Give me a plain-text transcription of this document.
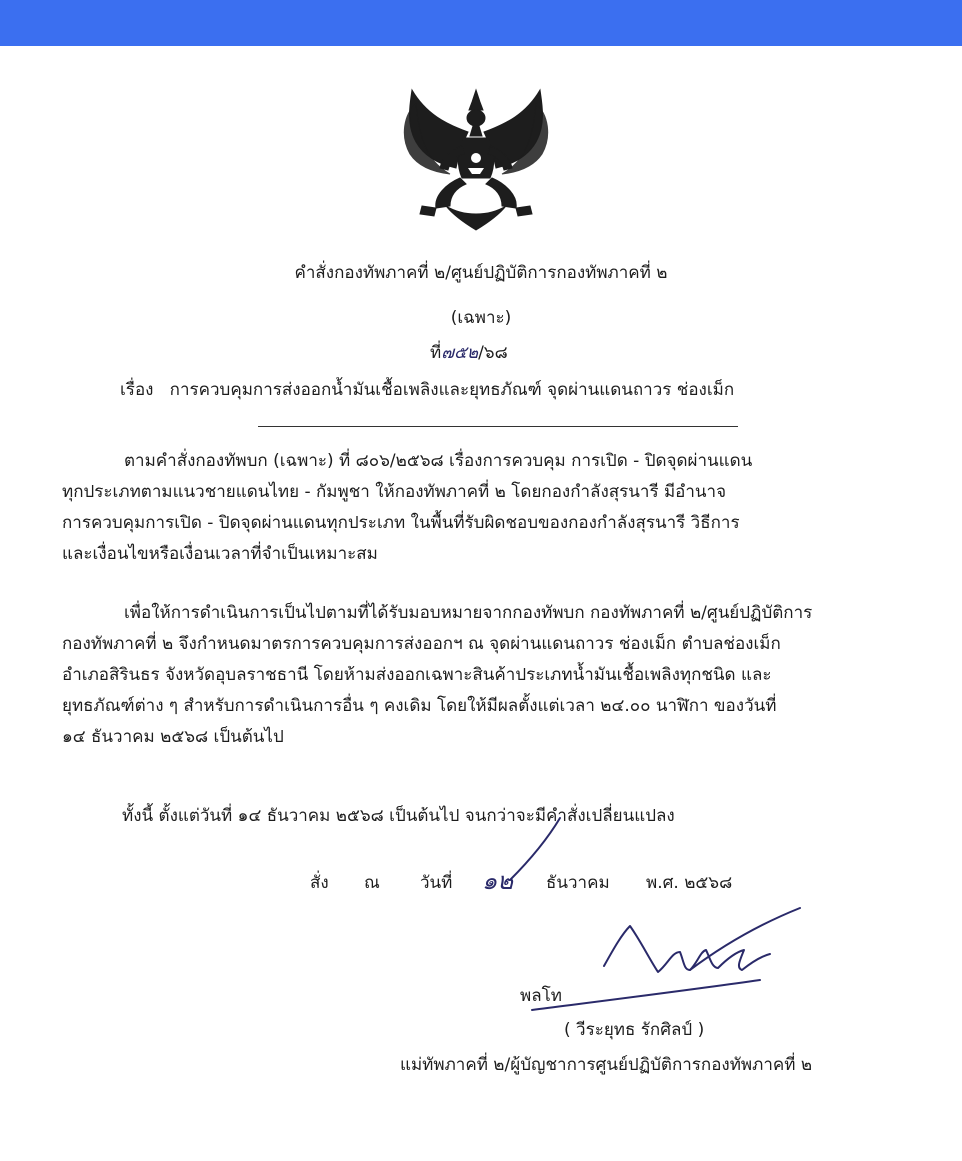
คำสั่งกองทัพภาคที่ ๒/ศูนย์ปฏิบัติการกองทัพภาคที่ ๒
(เฉพาะ)
ที่๗๕๒/๖๘
เรื่อง การควบคุมการส่งออกน้ำมันเชื้อเพลิงและยุทธภัณฑ์ จุดผ่านแดนถาวร ช่องเม็ก
ตามคำสั่งกองทัพบก (เฉพาะ) ที่ ๘๐๖/๒๕๖๘ เรื่องการควบคุม การเปิด - ปิดจุดผ่านแดน
ทุกประเภทตามแนวชายแดนไทย - กัมพูชา ให้กองทัพภาคที่ ๒ โดยกองกำลังสุรนารี มีอำนาจ
การควบคุมการเปิด - ปิดจุดผ่านแดนทุกประเภท ในพื้นที่รับผิดชอบของกองกำลังสุรนารี วิธีการ
และเงื่อนไขหรือเงื่อนเวลาที่จำเป็นเหมาะสม
เพื่อให้การดำเนินการเป็นไปตามที่ได้รับมอบหมายจากกองทัพบก กองทัพภาคที่ ๒/ศูนย์ปฏิบัติการ
กองทัพภาคที่ ๒ จึงกำหนดมาตรการควบคุมการส่งออกฯ ณ จุดผ่านแดนถาวร ช่องเม็ก ตำบลช่องเม็ก
อำเภอสิรินธร จังหวัดอุบลราชธานี โดยห้ามส่งออกเฉพาะสินค้าประเภทน้ำมันเชื้อเพลิงทุกชนิด และ
ยุทธภัณฑ์ต่าง ๆ สำหรับการดำเนินการอื่น ๆ คงเดิม โดยให้มีผลตั้งแต่เวลา ๒๔.๐๐ นาฬิกา ของวันที่
๑๔ ธันวาคม ๒๕๖๘ เป็นต้นไป
ทั้งนี้ ตั้งแต่วันที่ ๑๔ ธันวาคม ๒๕๖๘ เป็นต้นไป จนกว่าจะมีคำสั่งเปลี่ยนแปลง
สั่ง ณ วันที่ ๑๒ ธันวาคม พ.ศ. ๒๕๖๘
พลโท
( วีระยุทธ รักศิลป์ )
แม่ทัพภาคที่ ๒/ผู้บัญชาการศูนย์ปฏิบัติการกองทัพภาคที่ ๒
